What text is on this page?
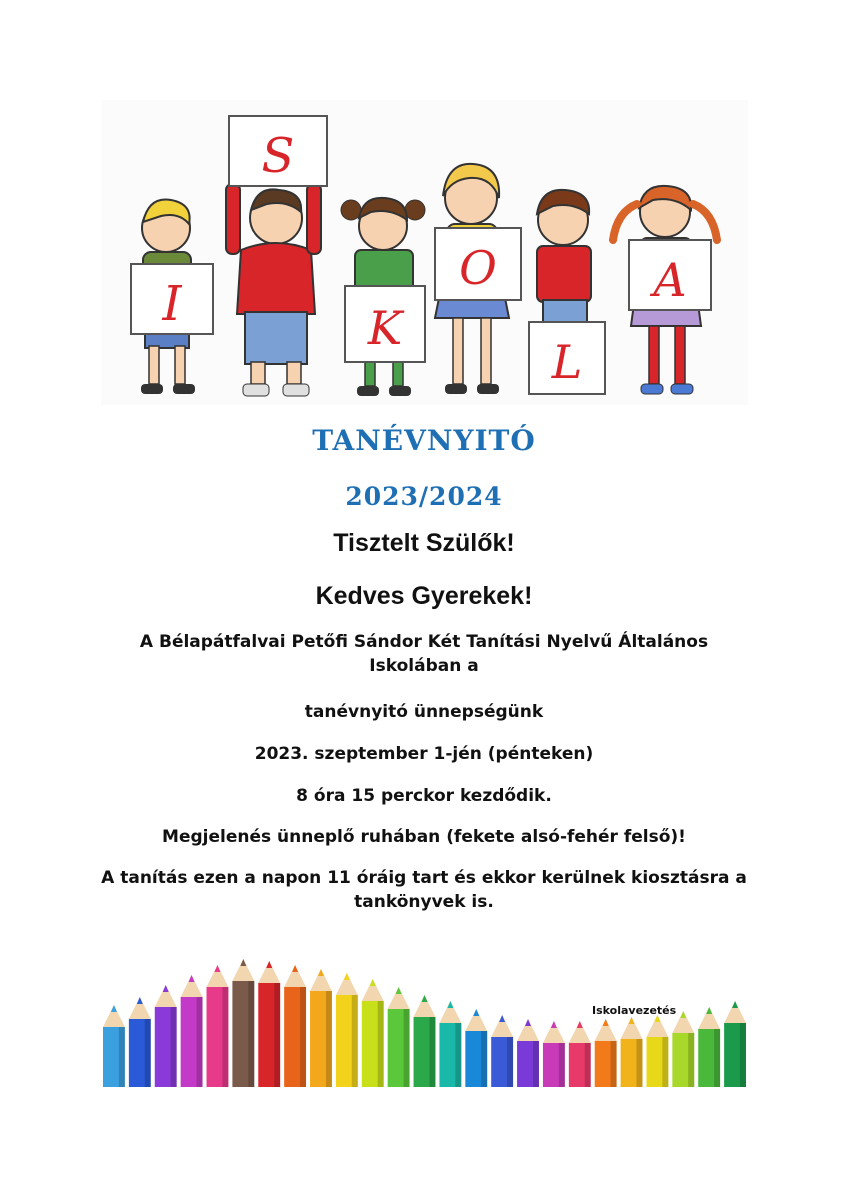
I
S
K
O
L
A
TANÉVNYITÓ
2023/2024
Tisztelt Szülők!
Kedves Gyerekek!
A Bélapátfalvai Petőfi Sándor Két Tanítási Nyelvű Általános
Iskolában a
tanévnyitó ünnepségünk
2023. szeptember 1-jén (pénteken)
8 óra 15 perckor kezdődik.
Megjelenés ünneplő ruhában (fekete alsó-fehér felső)!
A tanítás ezen a napon 11 óráig tart és ekkor kerülnek kiosztásra a
tankönyvek is.
Iskolavezetés
